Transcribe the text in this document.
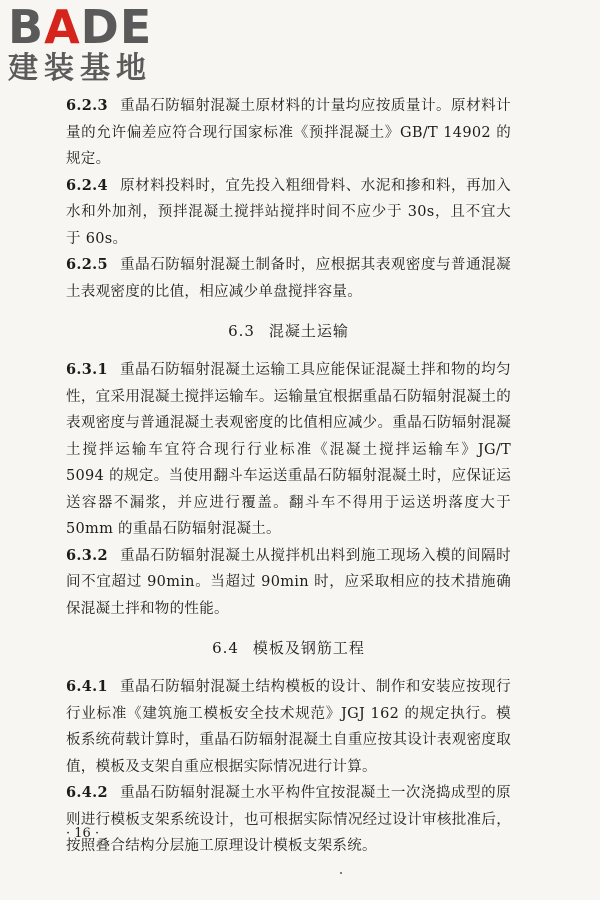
BADE
建装基地

6.2.3 重晶石防辐射混凝土原材料的计量均应按质量计。原材料计量的允许偏差应符合现行国家标准《预拌混凝土》GB/T 14902 的规定。

6.2.4 原材料投料时，宜先投入粗细骨料、水泥和掺和料，再加入水和外加剂，预拌混凝土搅拌站搅拌时间不应少于 30s，且不宜大于 60s。

6.2.5 重晶石防辐射混凝土制备时，应根据其表观密度与普通混凝土表观密度的比值，相应减少单盘搅拌容量。

6.3 混凝土运输

6.3.1 重晶石防辐射混凝土运输工具应能保证混凝土拌和物的均匀性，宜采用混凝土搅拌运输车。运输量宜根据重晶石防辐射混凝土的表观密度与普通混凝土表观密度的比值相应减少。重晶石防辐射混凝土搅拌运输车宜符合现行行业标准《混凝土搅拌运输车》JG/T 5094 的规定。当使用翻斗车运送重晶石防辐射混凝土时，应保证运送容器不漏浆，并应进行覆盖。翻斗车不得用于运送坍落度大于 50mm 的重晶石防辐射混凝土。

6.3.2 重晶石防辐射混凝土从搅拌机出料到施工现场入模的间隔时间不宜超过 90min。当超过 90min 时，应采取相应的技术措施确保混凝土拌和物的性能。

6.4 模板及钢筋工程

6.4.1 重晶石防辐射混凝土结构模板的设计、制作和安装应按现行行业标准《建筑施工模板安全技术规范》JGJ 162 的规定执行。模板系统荷载计算时，重晶石防辐射混凝土自重应按其设计表观密度取值，模板及支架自重应根据实际情况进行计算。

6.4.2 重晶石防辐射混凝土水平构件宜按混凝土一次浇捣成型的原则进行模板支架系统设计，也可根据实际情况经过设计审核批准后，按照叠合结构分层施工原理设计模板支架系统。

· 16 ·
